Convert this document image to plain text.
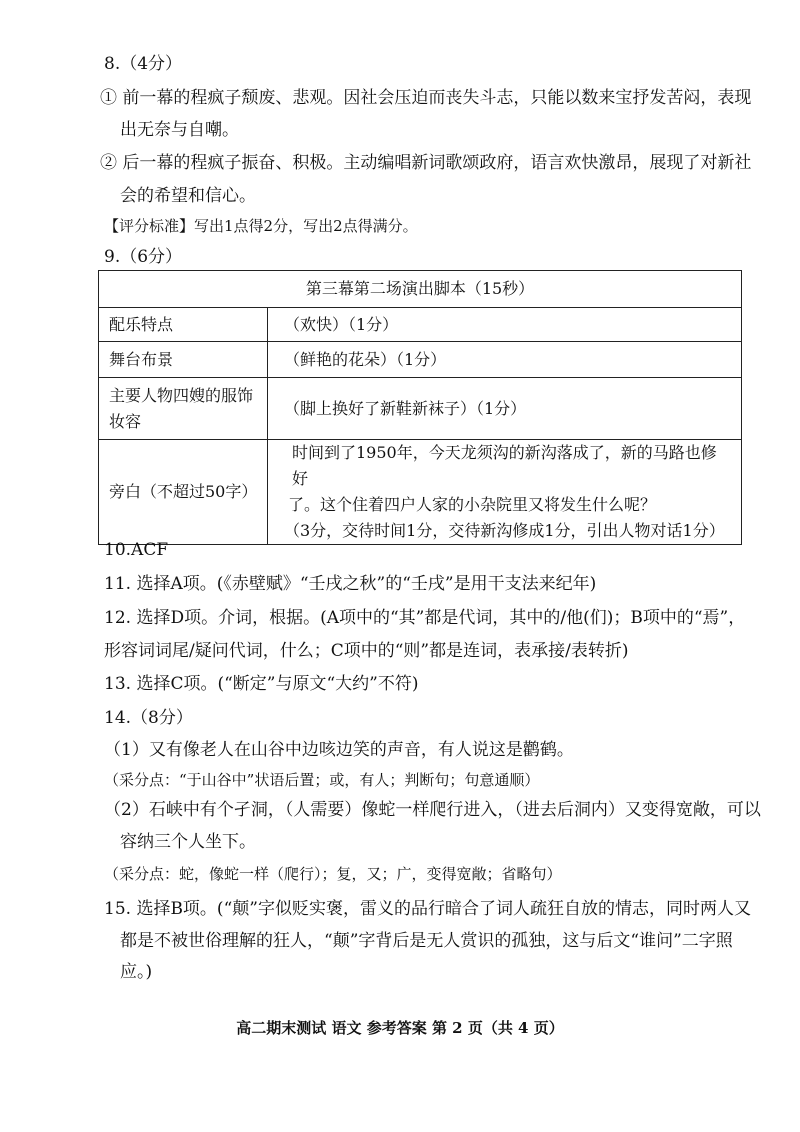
8.（4分）
① 前一幕的程疯子颓废、悲观。因社会压迫而丧失斗志，只能以数来宝抒发苦闷，表现
出无奈与自嘲。
② 后一幕的程疯子振奋、积极。主动编唱新词歌颂政府，语言欢快激昂，展现了对新社
会的希望和信心。
【评分标准】写出1点得2分，写出2点得满分。
9.（6分）
第三幕第二场演出脚本（15秒）	
配乐特点	（欢快）（1分）
舞台布景	（鲜艳的花朵）（1分）
主要人物四嫂的服饰妆容	（脚上换好了新鞋新袜子）（1分）
旁白（不超过50字）	时间到了1950年，今天龙须沟的新沟落成了，新的马路也修好
了。这个住着四户人家的小杂院里又将发生什么呢？
（3分，交待时间1分，交待新沟修成1分，引出人物对话1分）
10.ACF
11. 选择A项。(《赤壁赋》“壬戌之秋”的“壬戌”是用干支法来纪年)
12. 选择D项。介词，根据。(A项中的“其”都是代词，其中的/他(们)；B项中的“焉”，
形容词词尾/疑问代词，什么；C项中的“则”都是连词，表承接/表转折)
13. 选择C项。(“断定”与原文“大约”不符)
14.（8分）
（1）又有像老人在山谷中边咳边笑的声音，有人说这是鹳鹤。
（采分点：“于山谷中”状语后置；或，有人；判断句；句意通顺）
（2）石峡中有个孑洞，（人需要）像蛇一样爬行进入，（进去后洞内）又变得宽敞，可以
容纳三个人坐下。
（采分点：蛇，像蛇一样（爬行）；复，又；广，变得宽敞；省略句）
15. 选择B项。(“颠”字似贬实褒，雷义的品行暗合了词人疏狂自放的情志，同时两人又
都是不被世俗理解的狂人，“颠”字背后是无人赏识的孤独，这与后文“谁问”二字照
应。)
高二期末测试 语文 参考答案 第 2 页（共 4 页）
